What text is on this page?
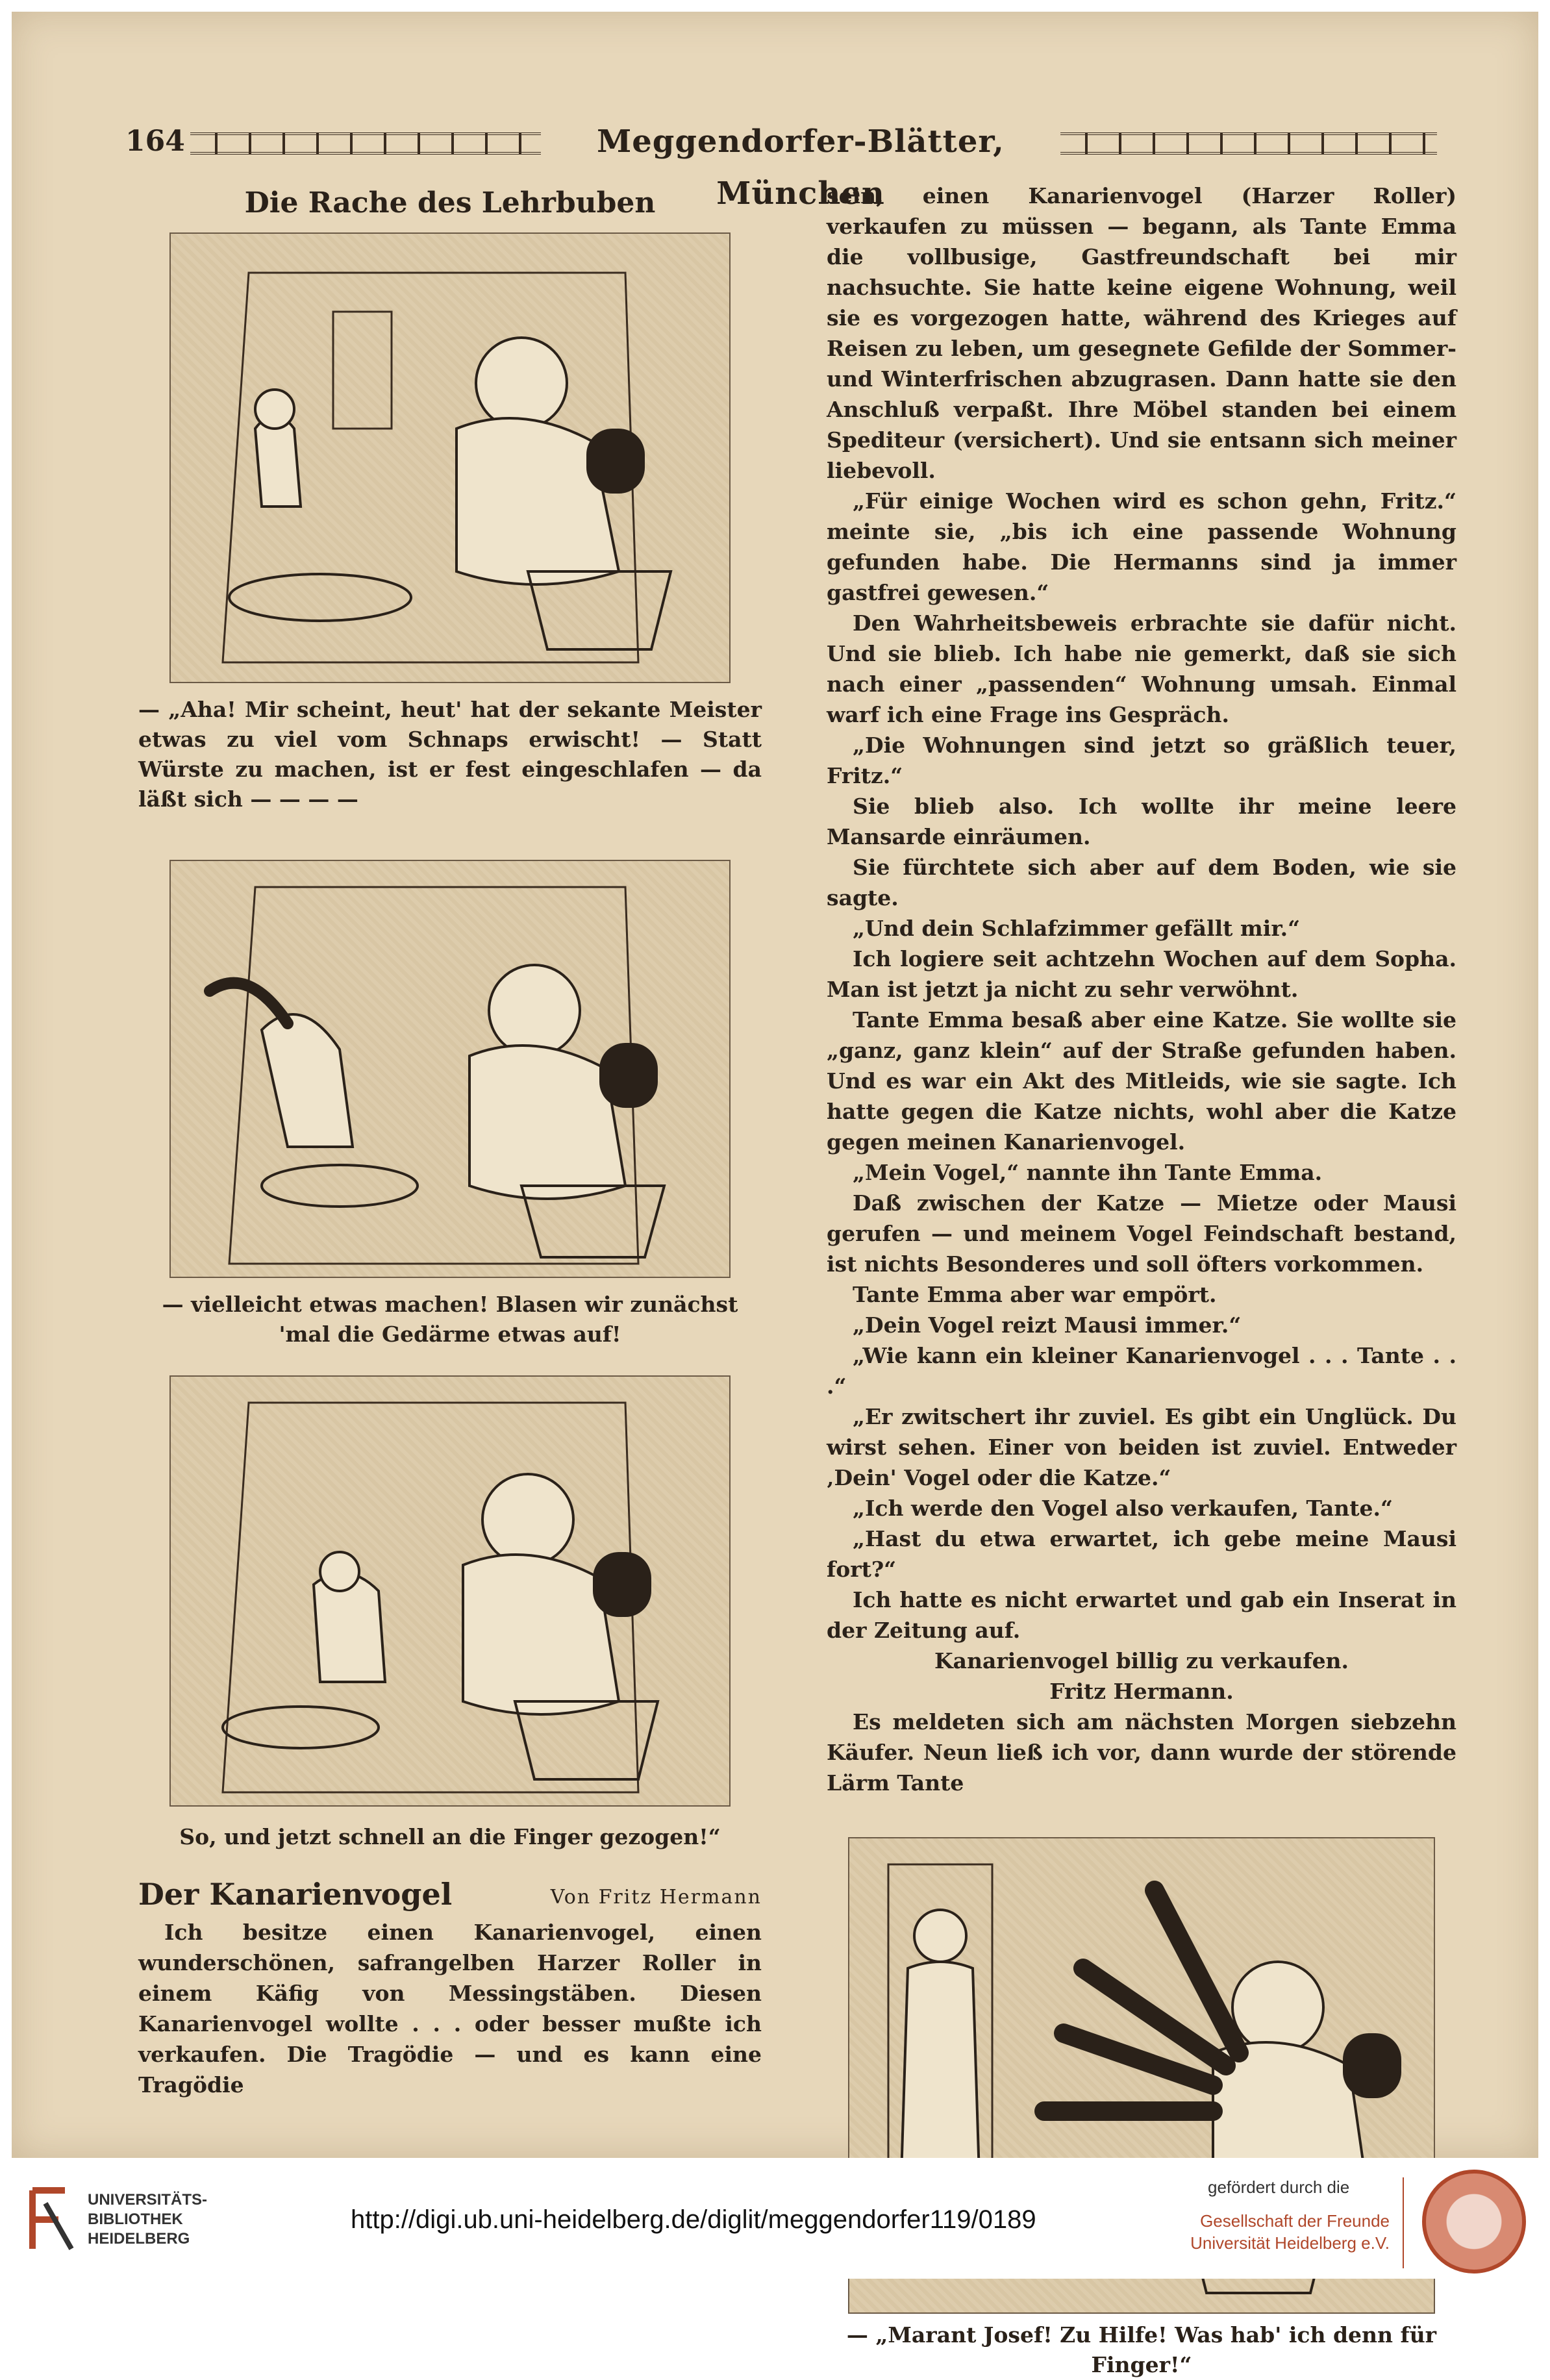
164	Meggendorfer-Blätter, München
Die Rache des Lehrbuben

— „Aha! Mir scheint, heut' hat der sekante Meister etwas zu viel vom Schnaps erwischt! — Statt Würste zu machen, ist er fest eingeschlafen — da läßt sich — — — —

— vielleicht etwas machen! Blasen wir zunächst 'mal die Gedärme etwas auf!

So, und jetzt schnell an die Finger gezogen!“

Der Kanarienvogel	Von Fritz Hermann

Ich besitze einen Kanarienvogel, einen wunderschönen, safrangelben Harzer Roller in einem Käfig von Messingstäben. Diesen Kanarienvogel wollte . . . oder besser mußte ich verkaufen. Die Tragödie — und es kann eine Tragödie

sein, einen Kanarienvogel (Harzer Roller) verkaufen zu müssen — begann, als Tante Emma die vollbusige, Gastfreundschaft bei mir nachsuchte. Sie hatte keine eigene Wohnung, weil sie es vorgezogen hatte, während des Krieges auf Reisen zu leben, um gesegnete Gefilde der Sommer- und Winterfrischen abzugrasen. Dann hatte sie den Anschluß verpaßt. Ihre Möbel standen bei einem Spediteur (versichert). Und sie entsann sich meiner liebevoll.

„Für einige Wochen wird es schon gehn, Fritz.“ meinte sie, „bis ich eine passende Wohnung gefunden habe. Die Hermanns sind ja immer gastfrei gewesen.“

Den Wahrheitsbeweis erbrachte sie dafür nicht. Und sie blieb. Ich habe nie gemerkt, daß sie sich nach einer „passenden“ Wohnung umsah. Einmal warf ich eine Frage ins Gespräch.

„Die Wohnungen sind jetzt so gräßlich teuer, Fritz.“

Sie blieb also. Ich wollte ihr meine leere Mansarde einräumen.

Sie fürchtete sich aber auf dem Boden, wie sie sagte.

„Und dein Schlafzimmer gefällt mir.“

Ich logiere seit achtzehn Wochen auf dem Sopha. Man ist jetzt ja nicht zu sehr verwöhnt.

Tante Emma besaß aber eine Katze. Sie wollte sie „ganz, ganz klein“ auf der Straße gefunden haben. Und es war ein Akt des Mitleids, wie sie sagte. Ich hatte gegen die Katze nichts, wohl aber die Katze gegen meinen Kanarienvogel.

„Mein Vogel,“ nannte ihn Tante Emma.

Daß zwischen der Katze — Mietze oder Mausi gerufen — und meinem Vogel Feindschaft bestand, ist nichts Besonderes und soll öfters vorkommen.

Tante Emma aber war empört.

„Dein Vogel reizt Mausi immer.“

„Wie kann ein kleiner Kanarienvogel . . . Tante . . .“

„Er zwitschert ihr zuviel. Es gibt ein Unglück. Du wirst sehen. Einer von beiden ist zuviel. Entweder ‚Dein' Vogel oder die Katze.“

„Ich werde den Vogel also verkaufen, Tante.“

„Hast du etwa erwartet, ich gebe meine Mausi fort?“

Ich hatte es nicht erwartet und gab ein Inserat in der Zeitung auf.

Kanarienvogel billig zu verkaufen.

Fritz Hermann.

Es meldeten sich am nächsten Morgen siebzehn Käufer. Neun ließ ich vor, dann wurde der störende Lärm Tante

— „Marant Josef! Zu Hilfe! Was hab' ich denn für Finger!“

UNIVERSITÄTS-
BIBLIOTHEK
HEIDELBERG
http://digi.ub.uni-heidelberg.de/diglit/meggendorfer119/0189
gefördert durch die
Gesellschaft der Freunde
Universität Heidelberg e.V.
